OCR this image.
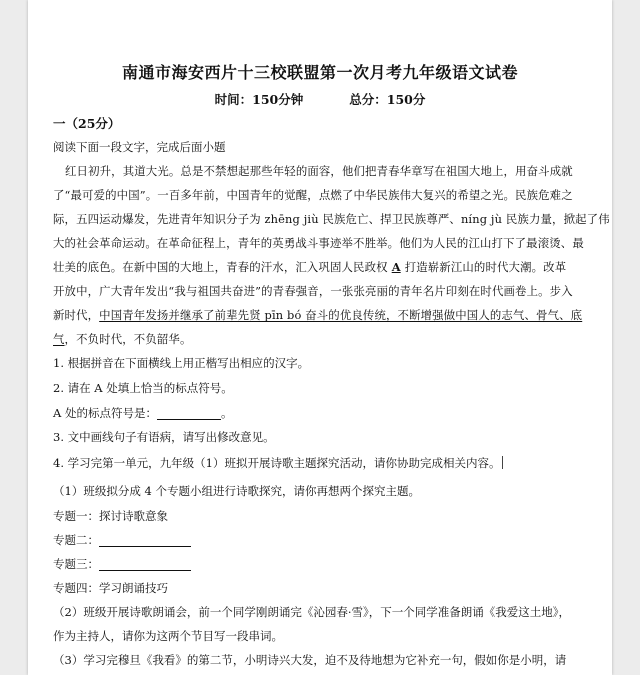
南通市海安西片十三校联盟第一次月考九年级语文试卷
时间：150分钟	总分：150分
一（25分）
阅读下面一段文字，完成后面小题
红日初升，其道大光。总是不禁想起那些年轻的面容，他们把青春华章写在祖国大地上，用奋斗成就
了“最可爱的中国”。一百多年前，中国青年的觉醒，点燃了中华民族伟大复兴的希望之光。民族危难之
际，五四运动爆发，先进青年知识分子为 zhēng jiù 民族危亡、捍卫民族尊严、níng jù 民族力量，掀起了伟
大的社会革命运动。在革命征程上，青年的英勇战斗事迹举不胜举。他们为人民的江山打下了最滚烫、最
壮美的底色。在新中国的大地上，青春的汗水，汇入巩固人民政权 A 打造崭新江山的时代大潮。改革
开放中，广大青年发出“我与祖国共奋进”的青春强音，一张张亮丽的青年名片印刻在时代画卷上。步入
新时代，中国青年发扬并继承了前辈先贤 pīn bó 奋斗的优良传统，不断增强做中国人的志气、骨气、底
气，不负时代，不负韶华。
1. 根据拼音在下面横线上用正楷写出相应的汉字。
2. 请在 A 处填上恰当的标点符号。
A 处的标点符号是：	。
3. 文中画线句子有语病，请写出修改意见。
4. 学习完第一单元，九年级（1）班拟开展诗歌主题探究活动，请你协助完成相关内容。
（1）班级拟分成 4 个专题小组进行诗歌探究，请你再想两个探究主题。
专题一：探讨诗歌意象
专题二：
专题三：
专题四：学习朗诵技巧
（2）班级开展诗歌朗诵会，前一个同学刚朗诵完《沁园春·雪》，下一个同学准备朗诵《我爱这土地》，
作为主持人，请你为这两个节目写一段串词。
（3）学习完穆旦《我看》的第二节，小明诗兴大发，迫不及待地想为它补充一句，假如你是小明，请
